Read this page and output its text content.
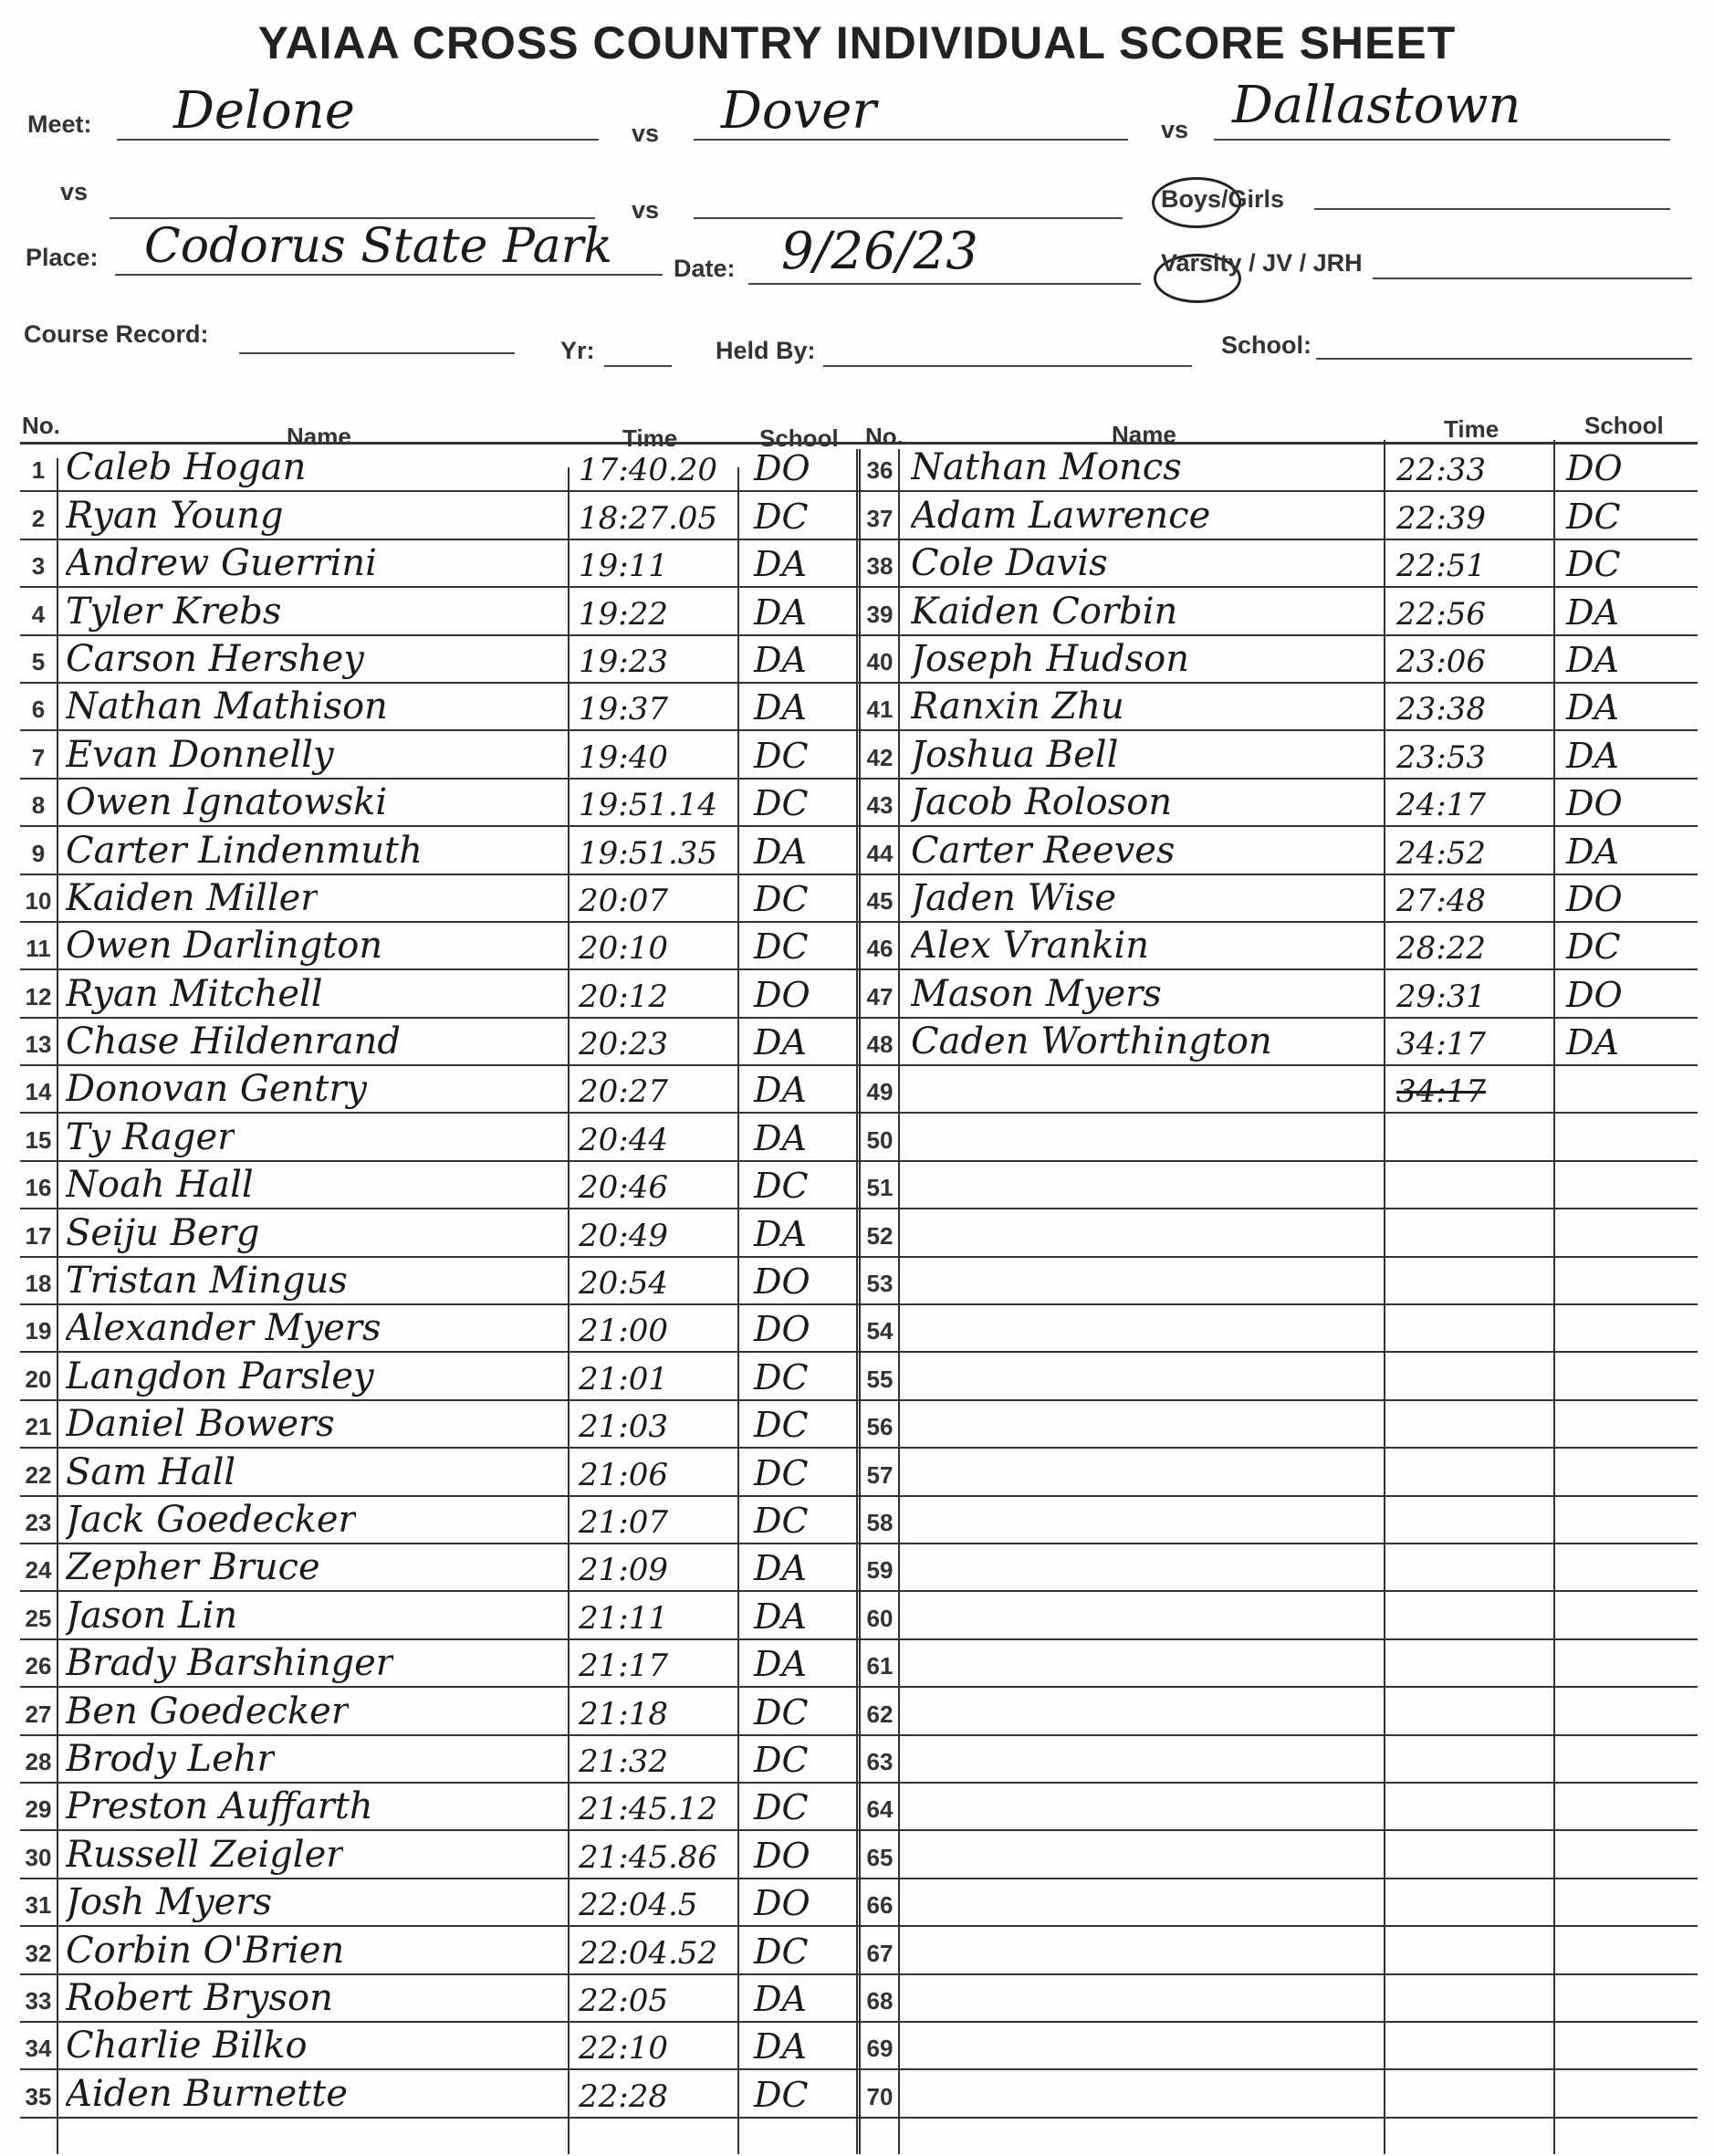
YAIAA CROSS COUNTRY INDIVIDUAL SCORE SHEET
Meet: Delone	vs Dover	vs Dallastown
vs
vs	Boys/Girls
Place: Codorus State Park Date: 9/26/23	Varsity / JV / JRH
Course Record:
Yr:	Held By:	School:
No.	Name	Time	School No.	Name	Time	School
1 Caleb Hogan	17:40.20 DO
2 Ryan Young	18:27.05 DC
3 Andrew Guerrini	19:11 DA
4 Tyler Krebs	19:22 DA
5 Carson Hershey	19:23 DA
6 Nathan Mathison	19:37 DA
7 Evan Donnelly	19:40 DC
8 Owen Ignatowski	19:51.14 DC
9 Carter Lindenmuth	19:51.35 DA
10 Kaiden Miller	20:07 DC
11 Owen Darlington	20:10 DC
12 Ryan Mitchell	20:12 DO
13 Chase Hildenrand	20:23 DA
14 Donovan Gentry	20:27 DA
15 Ty Rager	20:44 DA
16 Noah Hall	20:46 DC
17 Seiju Berg	20:49 DA
18 Tristan Mingus	20:54 DO
19 Alexander Myers	21:00 DO
20 Langdon Parsley	21:01 DC
21 Daniel Bowers	21:03 DC
22 Sam Hall	21:06 DC
23 Jack Goedecker	21:07 DC
24 Zepher Bruce	21:09 DA
25 Jason Lin	21:11 DA
26 Brady Barshinger	21:17 DA
27 Ben Goedecker	21:18 DC
28 Brody Lehr	21:32 DC
29 Preston Auffarth	21:45.12 DC
30 Russell Zeigler	21:45.86 DO
31 Josh Myers	22:04.5 DO
32 Corbin O'Brien	22:04.52 DC
33 Robert Bryson	22:05 DA
34 Charlie Bilko	22:10 DA
35 Aiden Burnette	22:28 DC
36 Nathan Moncs	22:33 DO
37 Adam Lawrence	22:39 DC
38 Cole Davis	22:51 DC
39 Kaiden Corbin	22:56 DA
40 Joseph Hudson	23:06 DA
41 Ranxin Zhu	23:38 DA
42 Joshua Bell	23:53 DA
43 Jacob Roloson	24:17 DO
44 Carter Reeves	24:52 DA
45 Jaden Wise	27:48 DO
46 Alex Vrankin	28:22 DC
47 Mason Myers	29:31 DO
48 Caden Worthington	34:17 DA
49	34:17
50
51
52
53
54
55
56
57
58
59
60
61
62
63
64
65
66
67
68
69
70
